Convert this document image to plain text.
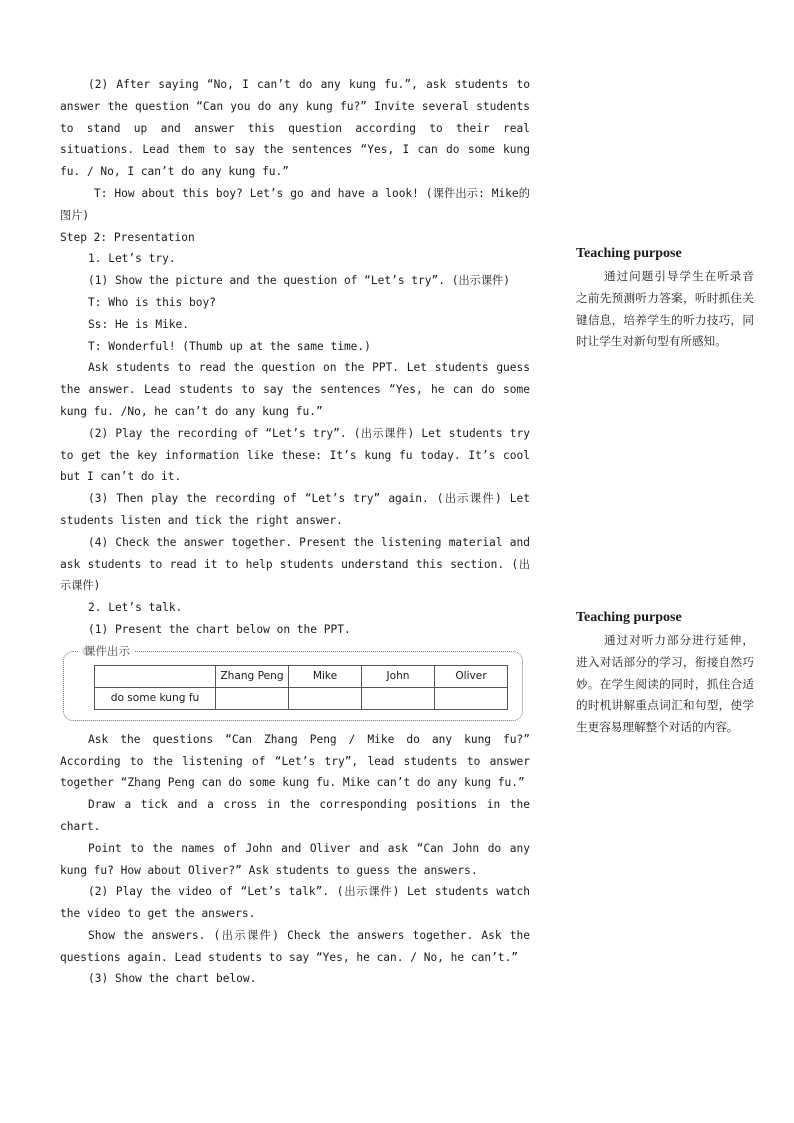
(2) After saying “No, I can’t do any kung fu.”, ask students to answer the question “Can you do any kung fu?” Invite several students to stand up and answer this question according to their real situations. Lead them to say the sentences “Yes, I can do some kung fu. / No, I can’t do any kung fu.”

T: How about this boy? Let’s go and have a look! (课件出示: Mike的图片)

Step 2: Presentation

1. Let’s try.

(1) Show the picture and the question of “Let’s try”. (出示课件)

T: Who is this boy?

Ss: He is Mike.

T: Wonderful! (Thumb up at the same time.)

Ask students to read the question on the PPT. Let students guess the answer. Lead students to say the sentences “Yes, he can do some kung fu. /No, he can’t do any kung fu.”

(2) Play the recording of “Let’s try”. (出示课件) Let students try to get the key information like these: It’s kung fu today. It’s cool but I can’t do it.

(3) Then play the recording of “Let’s try” again. (出示课件) Let students listen and tick the right answer.

(4) Check the answer together. Present the listening material and ask students to read it to help students understand this section. (出示课件)

2. Let’s talk.

(1) Present the chart below on the PPT.

课件出示
	Zhang Peng	Mike	John	Oliver
do some kung fu				

Ask the questions “Can Zhang Peng / Mike do any kung fu?” According to the listening of “Let’s try”, lead students to answer together “Zhang Peng can do some kung fu. Mike can’t do any kung fu.”

Draw a tick and a cross in the corresponding positions in the chart.

Point to the names of John and Oliver and ask “Can John do any kung fu? How about Oliver?” Ask students to guess the answers.

(2) Play the video of “Let’s talk”. (出示课件) Let students watch the video to get the answers.

Show the answers. (出示课件) Check the answers together. Ask the questions again. Lead students to say “Yes, he can. / No, he can’t.”

(3) Show the chart below.

Teaching purpose

通过问题引导学生在听录音之前先预测听力答案，听时抓住关键信息，培养学生的听力技巧，同时让学生对新句型有所感知。

Teaching purpose

通过对听力部分进行延伸，进入对话部分的学习，衔接自然巧妙。在学生阅读的同时，抓住合适的时机讲解重点词汇和句型，使学生更容易理解整个对话的内容。
